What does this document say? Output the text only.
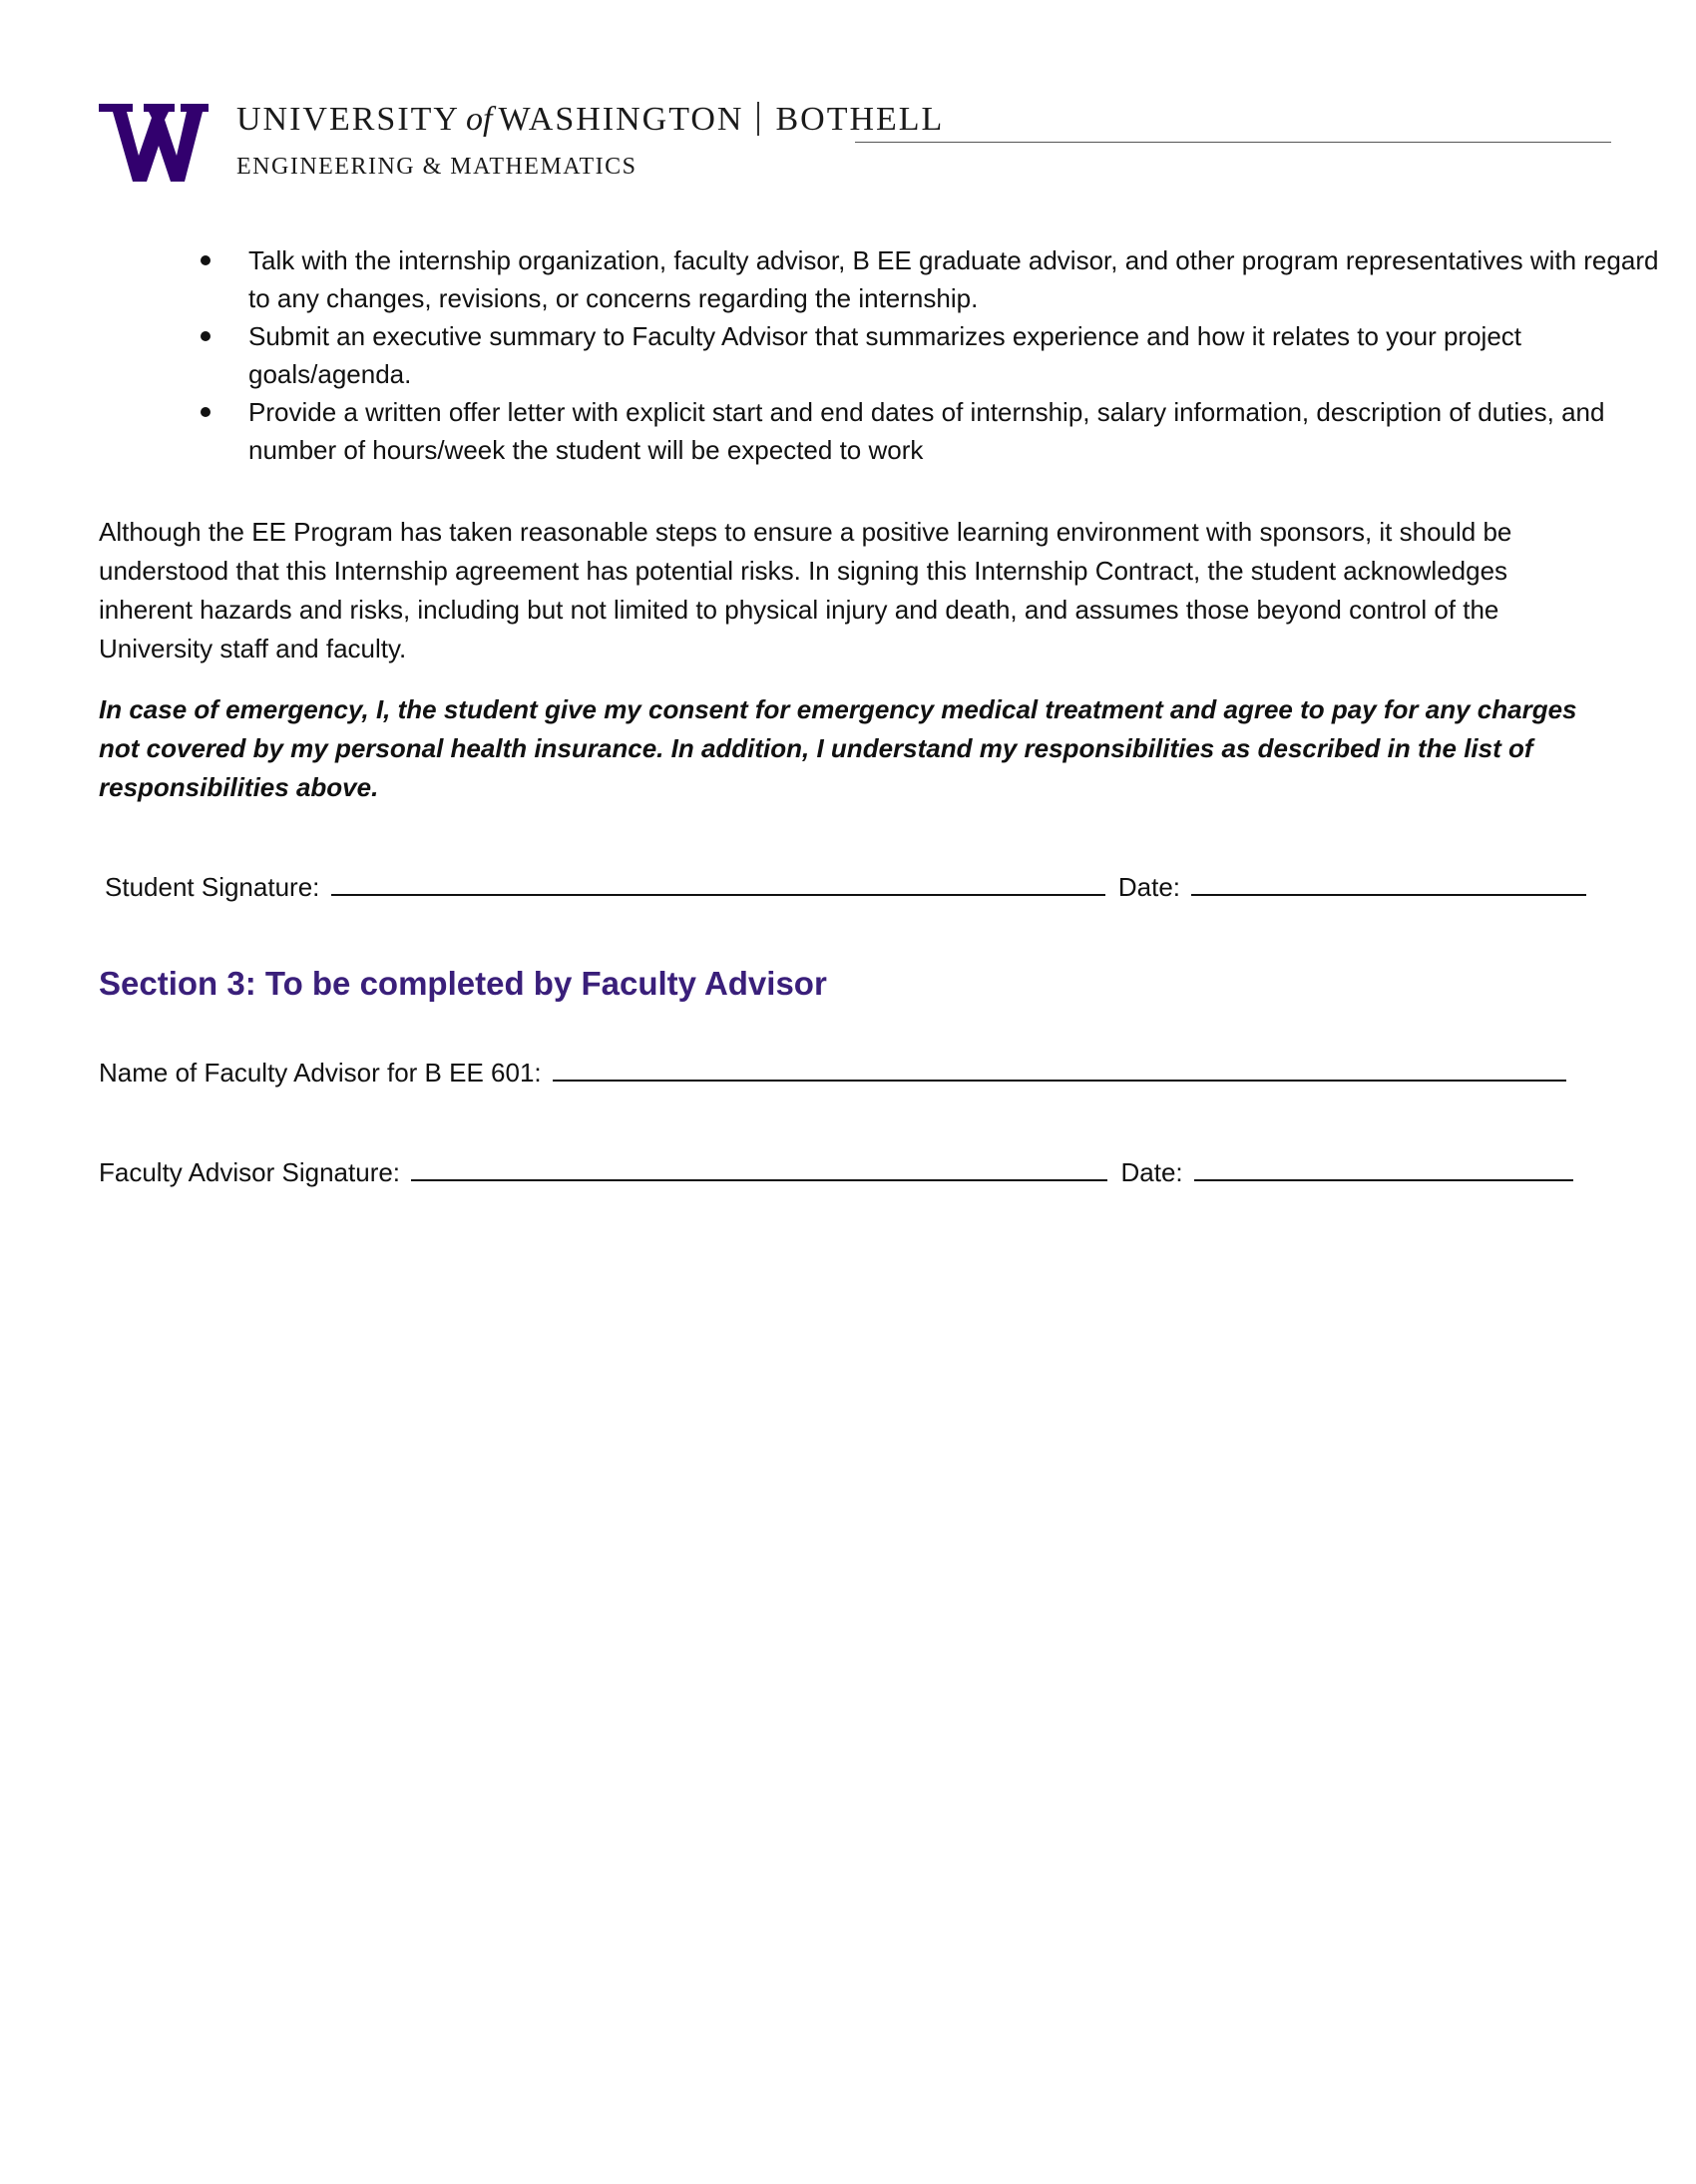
UNIVERSITY of WASHINGTON BOTHELL
ENGINEERING & MATHEMATICS
Talk with the internship organization, faculty advisor, B EE graduate advisor, and other program representatives with regard to any changes, revisions, or concerns regarding the internship.
Submit an executive summary to Faculty Advisor that summarizes experience and how it relates to your project goals/agenda.
Provide a written offer letter with explicit start and end dates of internship, salary information, description of duties, and number of hours/week the student will be expected to work

Although the EE Program has taken reasonable steps to ensure a positive learning environment with sponsors, it should be understood that this Internship agreement has potential risks. In signing this Internship Contract, the student acknowledges inherent hazards and risks, including but not limited to physical injury and death, and assumes those beyond control of the University staff and faculty.

In case of emergency, I, the student give my consent for emergency medical treatment and agree to pay for any charges not covered by my personal health insurance. In addition, I understand my responsibilities as described in the list of responsibilities above.

Student Signature:	Date:
Section 3: To be completed by Faculty Advisor
Name of Faculty Advisor for B EE 601:
Faculty Advisor Signature:	Date:
